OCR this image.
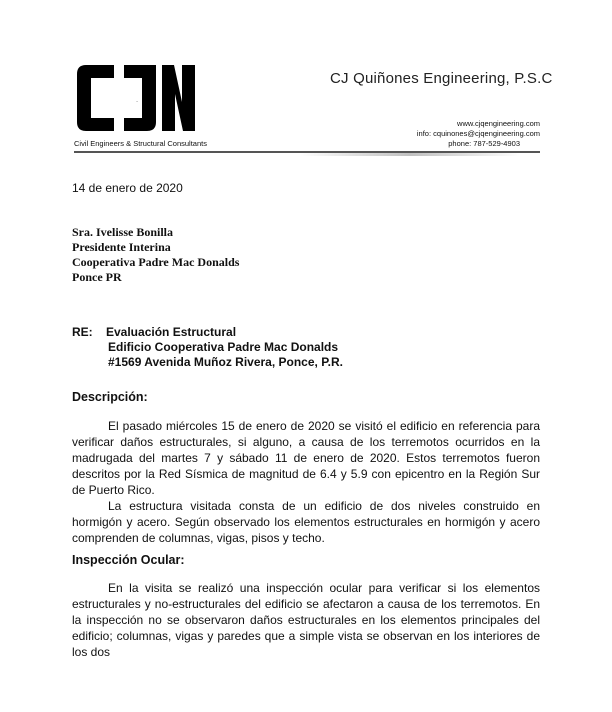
CJN
Civil Engineers & Structural Consultants
CJ Quiñones Engineering, P.S.C
www.cjqengineering.com
info: cquinones@cjqengineering.com
phone: 787-529-4903
14 de enero de 2020
Sra. Ivelisse Bonilla
Presidente Interina
Cooperativa Padre Mac Donalds
Ponce PR
RE: Evaluación Estructural
Edificio Cooperativa Padre Mac Donalds
#1569 Avenida Muñoz Rivera, Ponce, P.R.
Descripción:

El pasado miércoles 15 de enero de 2020 se visitó el edificio en referencia para verificar daños estructurales, si alguno, a causa de los terremotos ocurridos en la madrugada del martes 7 y sábado 11 de enero de 2020. Estos terremotos fueron descritos por la Red Sísmica de magnitud de 6.4 y 5.9 con epicentro en la Región Sur de Puerto Rico.

La estructura visitada consta de un edificio de dos niveles construido en hormigón y acero. Según observado los elementos estructurales en hormigón y acero comprenden de columnas, vigas, pisos y techo.

Inspección Ocular:

En la visita se realizó una inspección ocular para verificar si los elementos estructurales y no-estructurales del edificio se afectaron a causa de los terremotos. En la inspección no se observaron daños estructurales en los elementos principales del edificio; columnas, vigas y paredes que a simple vista se observan en los interiores de los dos
